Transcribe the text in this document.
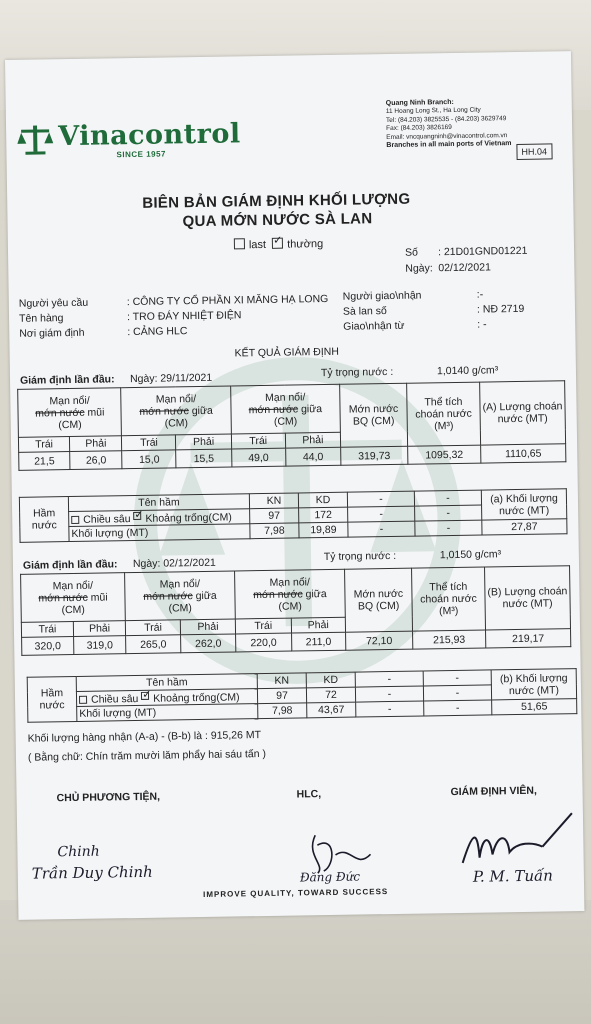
Vinacontrol
SINCE 1957
Quang Ninh Branch:
11 Hoang Long St., Ha Long City
Tel: (84.203) 3825535 - (84.203) 3629749
Fax: (84.203) 3826169
Email: vncquangninh@vinacontrol.com.vn
Branches in all main ports of Vietnam
HH.04
BIÊN BẢN GIÁM ĐỊNH KHỐI LƯỢNG
QUA MỚN NƯỚC SÀ LAN
last ✓ thường
Số : 21D01GND01221
Ngày: 02/12/2021
Người yêu cầu	: CÔNG TY CỔ PHẦN XI MĂNG HẠ LONG
Tên hàng	: TRO ĐÁY NHIỆT ĐIỆN
Nơi giám định	: CẢNG HLC
Người giao\nhận	:-
Sà lan số	: NĐ 2719
Giao\nhận từ	: -
KẾT QUẢ GIÁM ĐỊNH
Giám định lần đầu: Ngày: 29/11/2021	Tỷ trọng nước :	1,0140 g/cm³
Mạn nổi/
mớn nước mũi
(CM)		Mạn nổi/
mớn nước giữa
(CM)		Mạn nổi/
mớn nước giữa
(CM)		Mớn nước BQ (CM)	Thể tích choán nước (M³)	(A) Lượng choán nước (MT)
Trái	Phải	Trái	Phải	Trái	Phải			
21,5	26,0	15,0	15,5	49,0	44,0	319,73	1095,32	1110,65
Hầm nước	Tên hầm	KN	KD	-	-	(a) Khối lượng nước (MT)
	Chiều sâu ✓ Khoảng trống(CM)	97	172	-	-	
	Khối lượng (MT)	7,98	19,89	-	-	27,87
Giám định lần đầu: Ngày: 02/12/2021
Tỷ trọng nước :	1,0150 g/cm³
Mạn nổi/
mớn nước mũi
(CM)		Mạn nổi/
mớn nước giữa
(CM)		Mạn nổi/
mớn nước giữa
(CM)		Mớn nước BQ (CM)	Thể tích choán nước (M³)	(B) Lượng choán nước (MT)
Trái	Phải	Trái	Phải	Trái	Phải			
320,0	319,0	265,0	262,0	220,0	211,0	72,10	215,93	219,17
Hầm nước	Tên hầm	KN	KD	-	-	(b) Khối lượng nước (MT)
	Chiều sâu ✓ Khoảng trống(CM)	97	72	-	-	
	Khối lượng (MT)	7,98	43,67	-	-	51,65
Khối lượng hàng nhận (A-a) - (B-b) là : 915,26 MT
( Bằng chữ: Chín trăm mười lăm phẩy hai sáu tấn )
CHỦ PHƯƠNG TIỆN,	HLC,	GIÁM ĐỊNH VIÊN,
Chinh
Trần Duy Chinh	Đăng Đức	P. M. Tuấn
IMPROVE QUALITY, TOWARD SUCCESS
